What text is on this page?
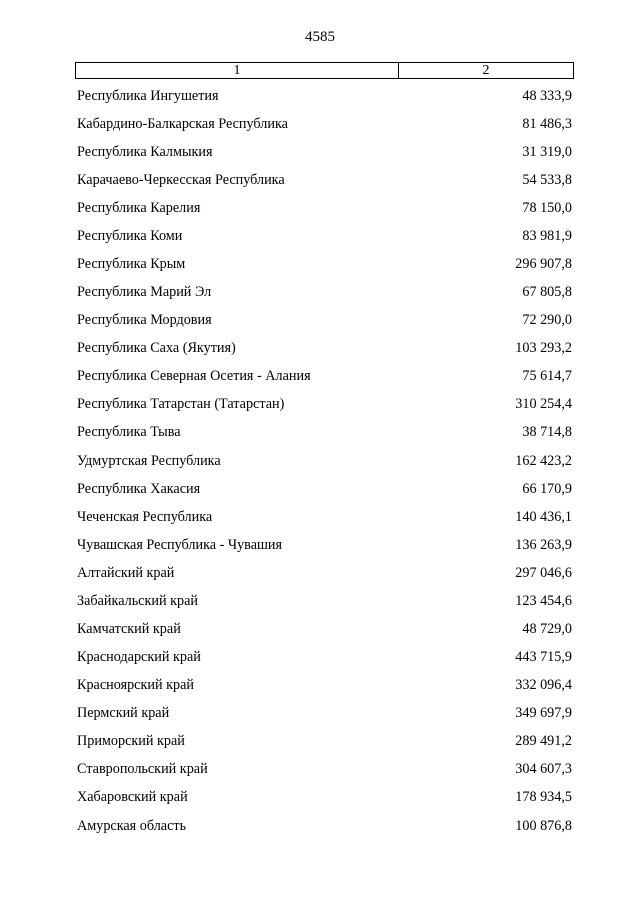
4585
1	2
Республика Ингушетия	48 333,9
Кабардино-Балкарская Республика	81 486,3
Республика Калмыкия	31 319,0
Карачаево-Черкесская Республика	54 533,8
Республика Карелия	78 150,0
Республика Коми	83 981,9
Республика Крым	296 907,8
Республика Марий Эл	67 805,8
Республика Мордовия	72 290,0
Республика Саха (Якутия)	103 293,2
Республика Северная Осетия - Алания	75 614,7
Республика Татарстан (Татарстан)	310 254,4
Республика Тыва	38 714,8
Удмуртская Республика	162 423,2
Республика Хакасия	66 170,9
Чеченская Республика	140 436,1
Чувашская Республика - Чувашия	136 263,9
Алтайский край	297 046,6
Забайкальский край	123 454,6
Камчатский край	48 729,0
Краснодарский край	443 715,9
Красноярский край	332 096,4
Пермский край	349 697,9
Приморский край	289 491,2
Ставропольский край	304 607,3
Хабаровский край	178 934,5
Амурская область	100 876,8
